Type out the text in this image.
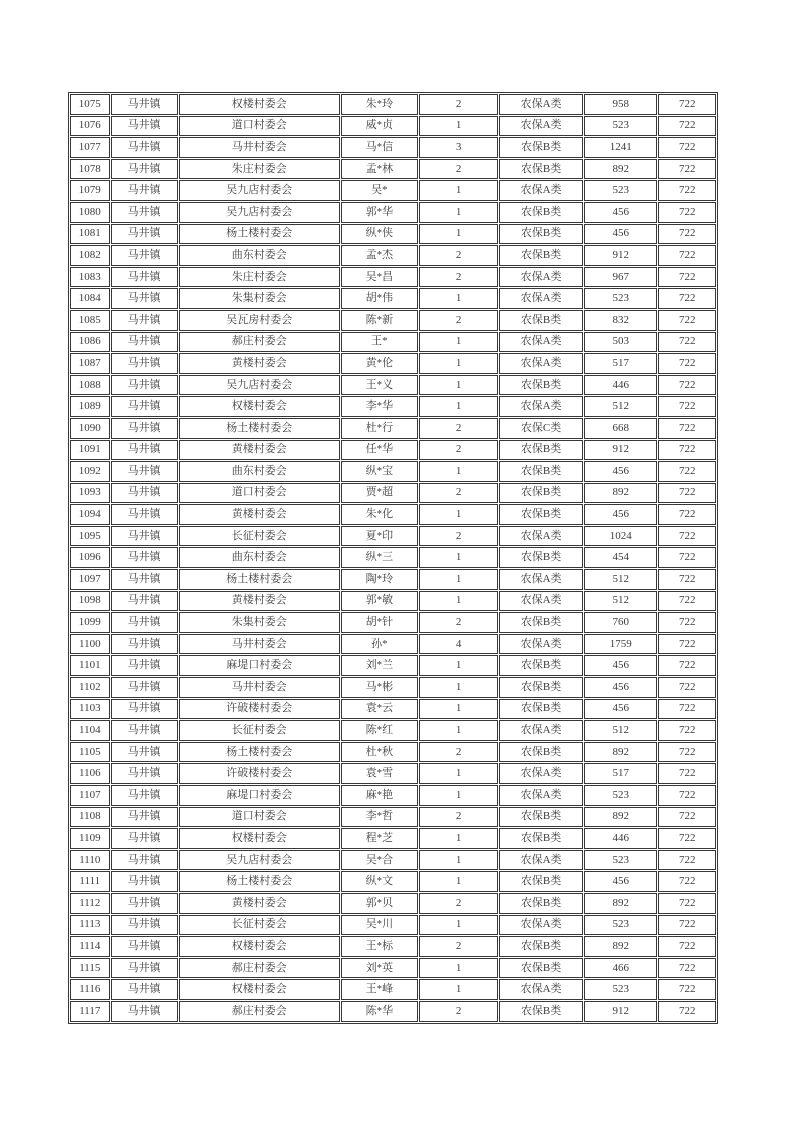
1075	马井镇	权楼村委会	朱*玲	2	农保A类	958	722
1076	马井镇	道口村委会	威*贞	1	农保A类	523	722
1077	马井镇	马井村委会	马*信	3	农保B类	1241	722
1078	马井镇	朱庄村委会	孟*林	2	农保B类	892	722
1079	马井镇	吴九店村委会	吴*	1	农保A类	523	722
1080	马井镇	吴九店村委会	郭*华	1	农保B类	456	722
1081	马井镇	杨土楼村委会	纵*侠	1	农保B类	456	722
1082	马井镇	曲东村委会	孟*杰	2	农保B类	912	722
1083	马井镇	朱庄村委会	吴*昌	2	农保A类	967	722
1084	马井镇	朱集村委会	胡*伟	1	农保A类	523	722
1085	马井镇	吴瓦房村委会	陈*新	2	农保B类	832	722
1086	马井镇	郝庄村委会	王*	1	农保A类	503	722
1087	马井镇	黄楼村委会	黄*伦	1	农保A类	517	722
1088	马井镇	吴九店村委会	王*义	1	农保B类	446	722
1089	马井镇	权楼村委会	李*华	1	农保A类	512	722
1090	马井镇	杨土楼村委会	杜*行	2	农保C类	668	722
1091	马井镇	黄楼村委会	任*华	2	农保B类	912	722
1092	马井镇	曲东村委会	纵*宝	1	农保B类	456	722
1093	马井镇	道口村委会	贾*超	2	农保B类	892	722
1094	马井镇	黄楼村委会	朱*化	1	农保B类	456	722
1095	马井镇	长征村委会	夏*印	2	农保A类	1024	722
1096	马井镇	曲东村委会	纵*三	1	农保B类	454	722
1097	马井镇	杨土楼村委会	陶*玲	1	农保A类	512	722
1098	马井镇	黄楼村委会	郭*敏	1	农保A类	512	722
1099	马井镇	朱集村委会	胡*针	2	农保B类	760	722
1100	马井镇	马井村委会	孙*	4	农保A类	1759	722
1101	马井镇	麻堤口村委会	刘*兰	1	农保B类	456	722
1102	马井镇	马井村委会	马*彬	1	农保B类	456	722
1103	马井镇	许破楼村委会	袁*云	1	农保B类	456	722
1104	马井镇	长征村委会	陈*红	1	农保A类	512	722
1105	马井镇	杨土楼村委会	杜*秋	2	农保B类	892	722
1106	马井镇	许破楼村委会	袁*雪	1	农保A类	517	722
1107	马井镇	麻堤口村委会	麻*艳	1	农保A类	523	722
1108	马井镇	道口村委会	李*哲	2	农保B类	892	722
1109	马井镇	权楼村委会	程*芝	1	农保B类	446	722
1110	马井镇	吴九店村委会	吴*合	1	农保A类	523	722
1111	马井镇	杨土楼村委会	纵*文	1	农保B类	456	722
1112	马井镇	黄楼村委会	郭*贝	2	农保B类	892	722
1113	马井镇	长征村委会	吴*川	1	农保A类	523	722
1114	马井镇	权楼村委会	王*标	2	农保B类	892	722
1115	马井镇	郝庄村委会	刘*英	1	农保B类	466	722
1116	马井镇	权楼村委会	王*峰	1	农保A类	523	722
1117	马井镇	郝庄村委会	陈*华	2	农保B类	912	722
